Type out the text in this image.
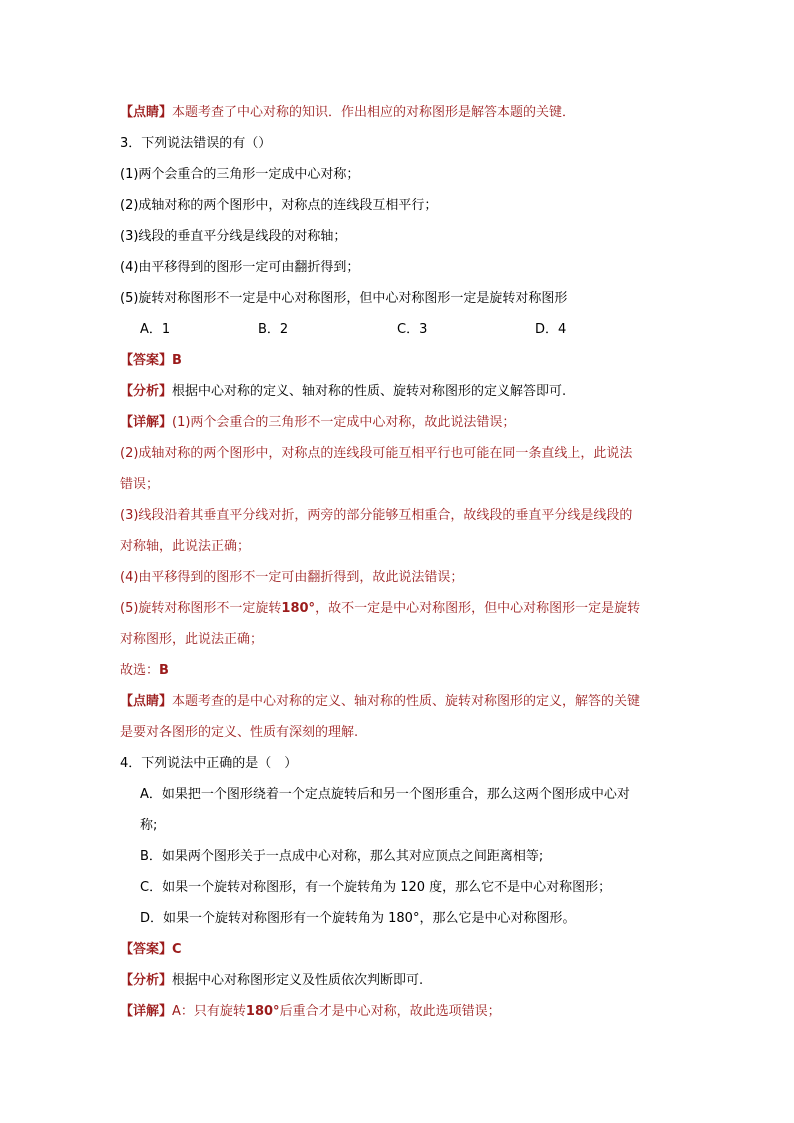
【点睛】本题考查了中心对称的知识．作出相应的对称图形是解答本题的关键．
3．下列说法错误的有（）
(1)两个会重合的三角形一定成中心对称；
(2)成轴对称的两个图形中，对称点的连线段互相平行；
(3)线段的垂直平分线是线段的对称轴；
(4)由平移得到的图形一定可由翻折得到；
(5)旋转对称图形不一定是中心对称图形，但中心对称图形一定是旋转对称图形
A．1	B．2	C．3	D．4
【答案】B
【分析】根据中心对称的定义、轴对称的性质、旋转对称图形的定义解答即可.
【详解】(1)两个会重合的三角形不一定成中心对称，故此说法错误；
(2)成轴对称的两个图形中，对称点的连线段可能互相平行也可能在同一条直线上，此说法
错误；
(3)线段沿着其垂直平分线对折，两旁的部分能够互相重合，故线段的垂直平分线是线段的
对称轴，此说法正确；
(4)由平移得到的图形不一定可由翻折得到，故此说法错误；
(5)旋转对称图形不一定旋转180°，故不一定是中心对称图形，但中心对称图形一定是旋转
对称图形，此说法正确；
故选：B
【点睛】本题考查的是中心对称的定义、轴对称的性质、旋转对称图形的定义，解答的关键
是要对各图形的定义、性质有深刻的理解.
4．下列说法中正确的是（　）
A．如果把一个图形绕着一个定点旋转后和另一个图形重合，那么这两个图形成中心对
称;
B．如果两个图形关于一点成中心对称，那么其对应顶点之间距离相等;
C．如果一个旋转对称图形，有一个旋转角为 120 度，那么它不是中心对称图形；
D．如果一个旋转对称图形有一个旋转角为 180°，那么它是中心对称图形。
【答案】C
【分析】根据中心对称图形定义及性质依次判断即可.
【详解】A：只有旋转180°后重合才是中心对称，故此选项错误；
